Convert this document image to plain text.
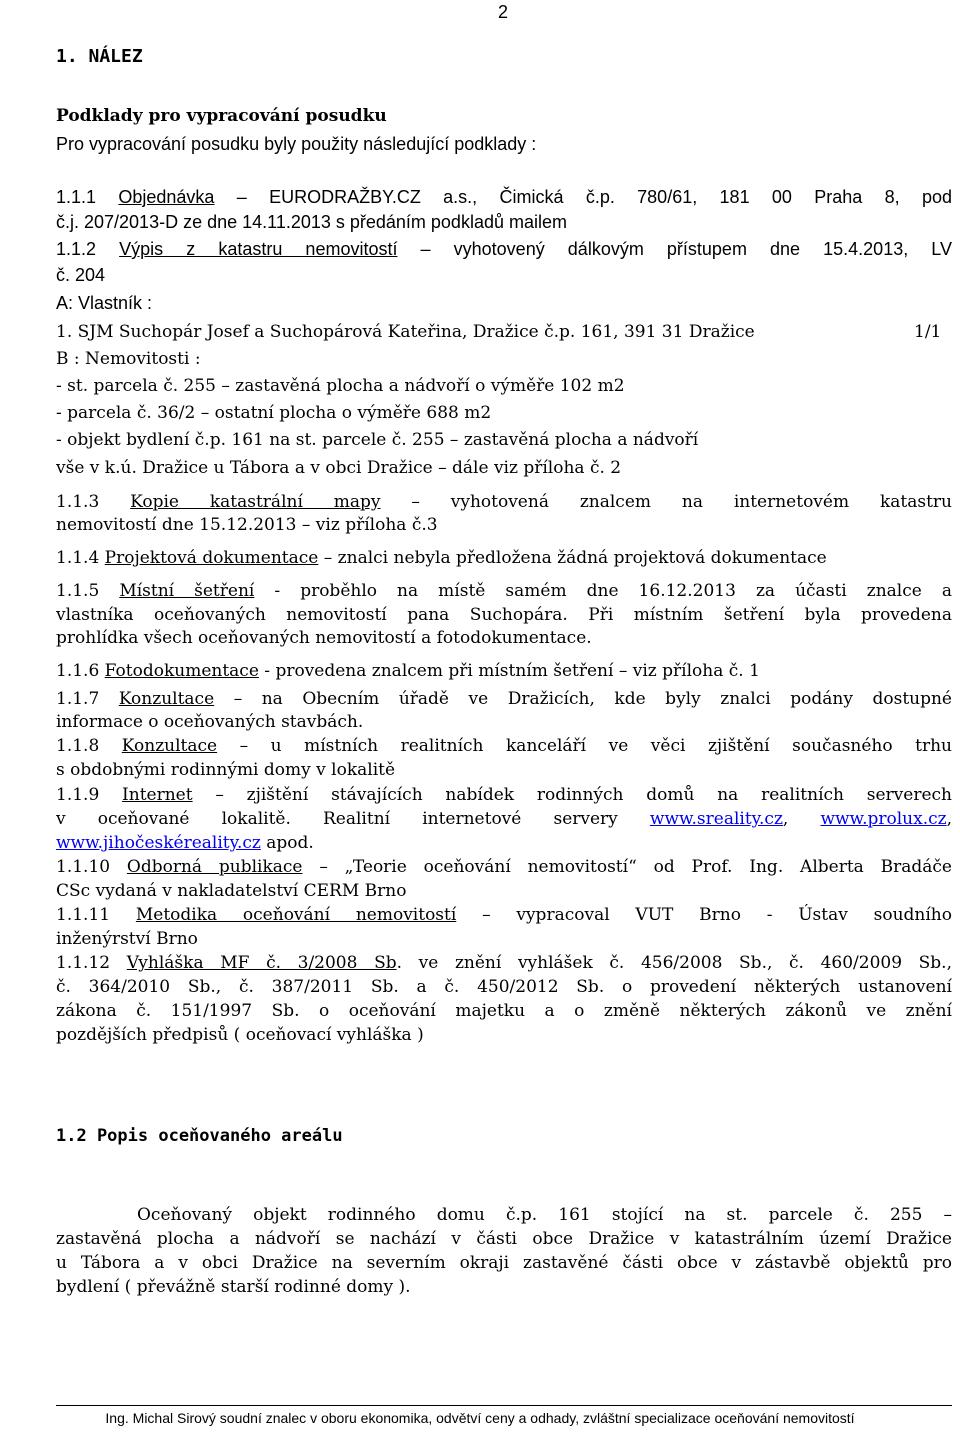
2
1. NÁLEZ
Podklady pro vypracování posudku
Pro vypracování posudku byly použity následující podklady :
1.1.1 Objednávka – EURODRAŽBY.CZ a.s., Čimická č.p. 780/61, 181 00 Praha 8, pod
č.j. 207/2013-D ze dne 14.11.2013 s předáním podkladů mailem
1.1.2 Výpis z katastru nemovitostí – vyhotovený dálkovým přístupem dne 15.4.2013, LV
č. 204
A: Vlastník :
1. SJM Suchopár Josef a Suchopárová Kateřina, Dražice č.p. 161, 391 31 Dražice	1/1
B : Nemovitosti :
- st. parcela č. 255 – zastavěná plocha a nádvoří o výměře 102 m2
- parcela č. 36/2 – ostatní plocha o výměře 688 m2
- objekt bydlení č.p. 161 na st. parcele č. 255 – zastavěná plocha a nádvoří
vše v k.ú. Dražice u Tábora a v obci Dražice – dále viz příloha č. 2
1.1.3 Kopie katastrální mapy – vyhotovená znalcem na internetovém katastru
nemovitostí dne 15.12.2013 – viz příloha č.3
1.1.4 Projektová dokumentace – znalci nebyla předložena žádná projektová dokumentace
1.1.5 Místní šetření - proběhlo na místě samém dne 16.12.2013 za účasti znalce a
vlastníka oceňovaných nemovitostí pana Suchopára. Při místním šetření byla provedena
prohlídka všech oceňovaných nemovitostí a fotodokumentace.
1.1.6 Fotodokumentace - provedena znalcem při místním šetření – viz příloha č. 1
1.1.7 Konzultace – na Obecním úřadě ve Dražicích, kde byly znalci podány dostupné
informace o oceňovaných stavbách.
1.1.8 Konzultace – u místních realitních kanceláří ve věci zjištění současného trhu
s obdobnými rodinnými domy v lokalitě
1.1.9 Internet – zjištění stávajících nabídek rodinných domů na realitních serverech
v oceňované lokalitě. Realitní internetové servery www.sreality.cz, www.prolux.cz,
www.jihočeskéreality.cz apod.
1.1.10 Odborná publikace – „Teorie oceňování nemovitostí“ od Prof. Ing. Alberta Bradáče
CSc vydaná v nakladatelství CERM Brno
1.1.11 Metodika oceňování nemovitostí – vypracoval VUT Brno - Ústav soudního
inženýrství Brno
1.1.12 Vyhláška MF č. 3/2008 Sb. ve znění vyhlášek č. 456/2008 Sb., č. 460/2009 Sb.,
č. 364/2010 Sb., č. 387/2011 Sb. a č. 450/2012 Sb. o provedení některých ustanovení
zákona č. 151/1997 Sb. o oceňování majetku a o změně některých zákonů ve znění
pozdějších předpisů ( oceňovací vyhláška )
1.2 Popis oceňovaného areálu
Oceňovaný objekt rodinného domu č.p. 161 stojící na st. parcele č. 255 –
zastavěná plocha a nádvoří se nachází v části obce Dražice v katastrálním území Dražice
u Tábora a v obci Dražice na severním okraji zastavěné části obce v zástavbě objektů pro
bydlení ( převážně starší rodinné domy ).
Ing. Michal Sirový soudní znalec v oboru ekonomika, odvětví ceny a odhady, zvláštní specializace oceňování nemovitostí
